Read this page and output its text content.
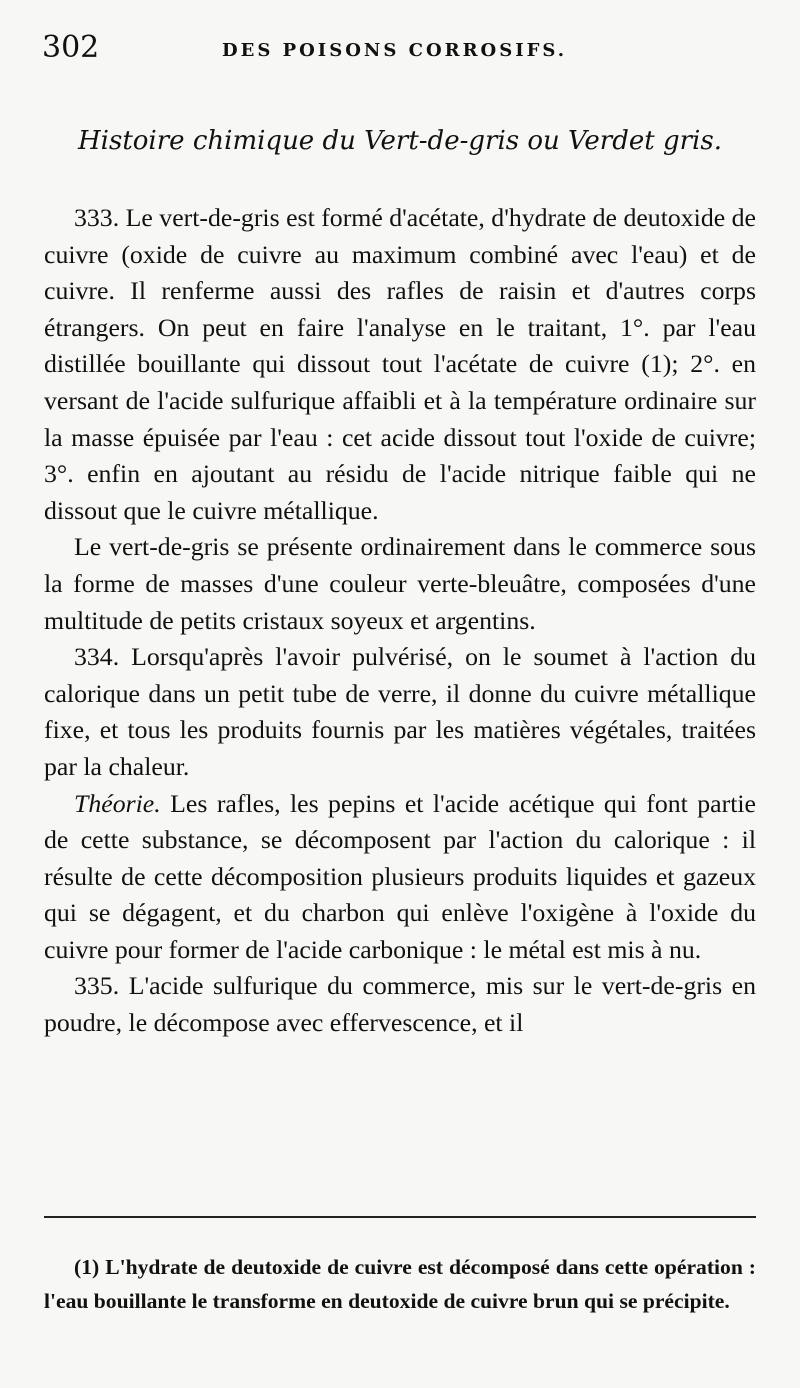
302	DES POISONS CORROSIFS.
Histoire chimique du Vert-de-gris ou Verdet gris.

333. Le vert-de-gris est formé d'acétate, d'hydrate de deutoxide de cuivre (oxide de cuivre au maximum combiné avec l'eau) et de cuivre. Il renferme aussi des rafles de raisin et d'autres corps étrangers. On peut en faire l'analyse en le traitant, 1°. par l'eau distillée bouillante qui dissout tout l'acétate de cuivre (1); 2°. en versant de l'acide sulfurique affaibli et à la température ordinaire sur la masse épuisée par l'eau : cet acide dissout tout l'oxide de cuivre; 3°. enfin en ajoutant au résidu de l'acide nitrique faible qui ne dissout que le cuivre métallique.

Le vert-de-gris se présente ordinairement dans le commerce sous la forme de masses d'une couleur verte-bleuâtre, composées d'une multitude de petits cristaux soyeux et argentins.

334. Lorsqu'après l'avoir pulvérisé, on le soumet à l'action du calorique dans un petit tube de verre, il donne du cuivre métallique fixe, et tous les produits fournis par les matières végétales, traitées par la chaleur.

Théorie. Les rafles, les pepins et l'acide acétique qui font partie de cette substance, se décomposent par l'action du calorique : il résulte de cette décomposition plusieurs produits liquides et gazeux qui se dégagent, et du charbon qui enlève l'oxigène à l'oxide du cuivre pour former de l'acide carbonique : le métal est mis à nu.

335. L'acide sulfurique du commerce, mis sur le vert-de-gris en poudre, le décompose avec effervescence, et il

(1) L'hydrate de deutoxide de cuivre est décomposé dans cette opération : l'eau bouillante le transforme en deutoxide de cuivre brun qui se précipite.
